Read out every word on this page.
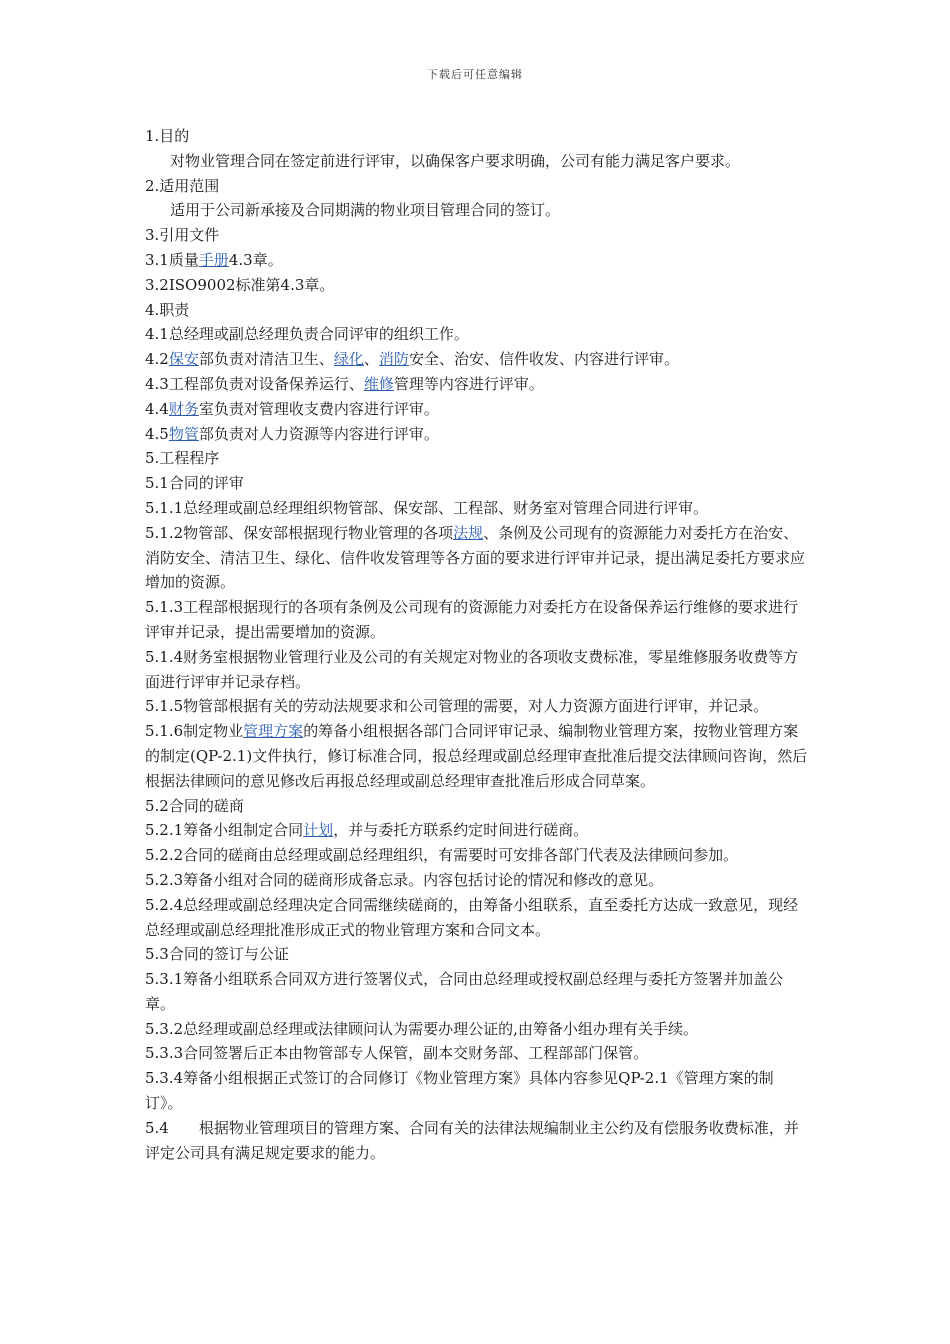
下载后可任意编辑

1.目的

对物业管理合同在签定前进行评审，以确保客户要求明确，公司有能力满足客户要求。

2.适用范围

适用于公司新承接及合同期满的物业项目管理合同的签订。

3.引用文件

3.1质量手册4.3章。

3.2ISO9002标准第4.3章。

4.职责

4.1总经理或副总经理负责合同评审的组织工作。

4.2保安部负责对清洁卫生、绿化、消防安全、治安、信件收发、内容进行评审。

4.3工程部负责对设备保养运行、维修管理等内容进行评审。

4.4财务室负责对管理收支费内容进行评审。

4.5物管部负责对人力资源等内容进行评审。

5.工程程序

5.1合同的评审

5.1.1总经理或副总经理组织物管部、保安部、工程部、财务室对管理合同进行评审。

5.1.2物管部、保安部根据现行物业管理的各项法规、条例及公司现有的资源能力对委托方在治安、消防安全、清洁卫生、绿化、信件收发管理等各方面的要求进行评审并记录，提出满足委托方要求应增加的资源。

5.1.3工程部根据现行的各项有条例及公司现有的资源能力对委托方在设备保养运行维修的要求进行评审并记录，提出需要增加的资源。

5.1.4财务室根据物业管理行业及公司的有关规定对物业的各项收支费标准，零星维修服务收费等方面进行评审并记录存档。

5.1.5物管部根据有关的劳动法规要求和公司管理的需要，对人力资源方面进行评审，并记录。

5.1.6制定物业管理方案的筹备小组根据各部门合同评审记录、编制物业管理方案，按物业管理方案的制定(QP-2.1)文件执行，修订标准合同，报总经理或副总经理审查批准后提交法律顾问咨询，然后根据法律顾问的意见修改后再报总经理或副总经理审查批准后形成合同草案。

5.2合同的磋商

5.2.1筹备小组制定合同计划，并与委托方联系约定时间进行磋商。

5.2.2合同的磋商由总经理或副总经理组织，有需要时可安排各部门代表及法律顾问参加。

5.2.3筹备小组对合同的磋商形成备忘录。内容包括讨论的情况和修改的意见。

5.2.4总经理或副总经理决定合同需继续磋商的，由筹备小组联系，直至委托方达成一致意见，现经总经理或副总经理批准形成正式的物业管理方案和合同文本。

5.3合同的签订与公证

5.3.1筹备小组联系合同双方进行签署仪式，合同由总经理或授权副总经理与委托方签署并加盖公章。

5.3.2总经理或副总经理或法律顾问认为需要办理公证的,由筹备小组办理有关手续。

5.3.3合同签署后正本由物管部专人保管，副本交财务部、工程部部门保管。

5.3.4筹备小组根据正式签订的合同修订《物业管理方案》具体内容参见QP-2.1《管理方案的制订》。

5.4　　根据物业管理项目的管理方案、合同有关的法律法规编制业主公约及有偿服务收费标准，并评定公司具有满足规定要求的能力。
